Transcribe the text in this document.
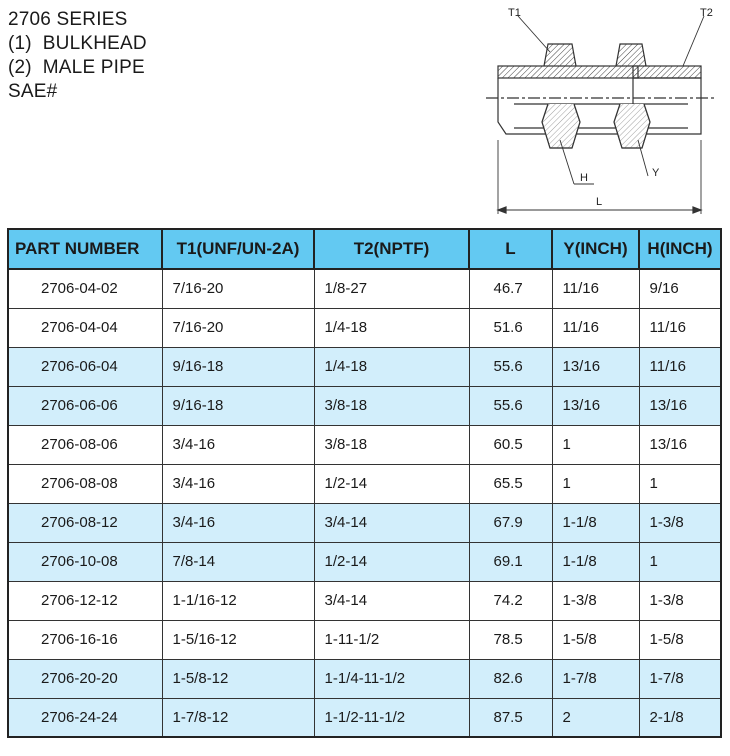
2706 SERIES
(1)  BULKHEAD
(2)  MALE PIPE
SAE#
T1	T2
H	Y
L
PART NUMBER	T1(UNF/UN-2A)	T2(NPTF)	L	Y(INCH)	H(INCH)
2706-04-02	7/16-20	1/8-27	46.7	11/16	9/16
2706-04-04	7/16-20	1/4-18	51.6	11/16	11/16
2706-06-04	9/16-18	1/4-18	55.6	13/16	11/16
2706-06-06	9/16-18	3/8-18	55.6	13/16	13/16
2706-08-06	3/4-16	3/8-18	60.5	1	13/16
2706-08-08	3/4-16	1/2-14	65.5	1	1
2706-08-12	3/4-16	3/4-14	67.9	1-1/8	1-3/8
2706-10-08	7/8-14	1/2-14	69.1	1-1/8	1
2706-12-12	1-1/16-12	3/4-14	74.2	1-3/8	1-3/8
2706-16-16	1-5/16-12	1-11-1/2	78.5	1-5/8	1-5/8
2706-20-20	1-5/8-12	1-1/4-11-1/2	82.6	1-7/8	1-7/8
2706-24-24	1-7/8-12	1-1/2-11-1/2	87.5	2	2-1/8
